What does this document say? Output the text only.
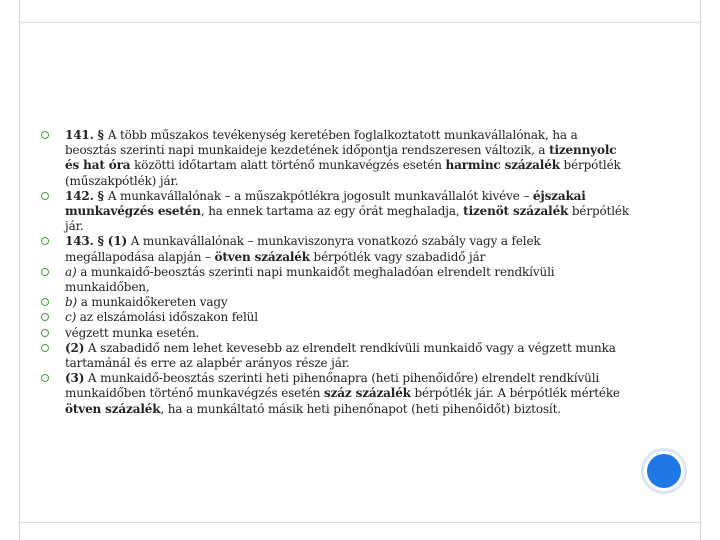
141. § A több műszakos tevékenység keretében foglalkoztatott munkavállalónak, ha a beosztás szerinti napi munkaideje kezdetének időpontja rendszeresen változik, a tizennyolc és hat óra közötti időtartam alatt történő munkavégzés esetén harminc százalék bérpótlék (műszakpótlék) jár.
142. § A munkavállalónak – a műszakpótlékra jogosult munkavállalót kivéve – éjszakai munkavégzés esetén, ha ennek tartama az egy órát meghaladja, tizenöt százalék bérpótlék jár.
143. § (1) A munkavállalónak – munkaviszonyra vonatkozó szabály vagy a felek megállapodása alapján – ötven százalék bérpótlék vagy szabadidő jár
a) a munkaidő-beosztás szerinti napi munkaidőt meghaladóan elrendelt rendkívüli munkaidőben,
b) a munkaidőkereten vagy
c) az elszámolási időszakon felül
végzett munka esetén.
(2) A szabadidő nem lehet kevesebb az elrendelt rendkívüli munkaidő vagy a végzett munka tartamánál és erre az alapbér arányos része jár.
(3) A munkaidő-beosztás szerinti heti pihenőnapra (heti pihenőidőre) elrendelt rendkívüli munkaidőben történő munkavégzés esetén száz százalék bérpótlék jár. A bérpótlék mértéke ötven százalék, ha a munkáltató másik heti pihenőnapot (heti pihenőidőt) biztosít.
